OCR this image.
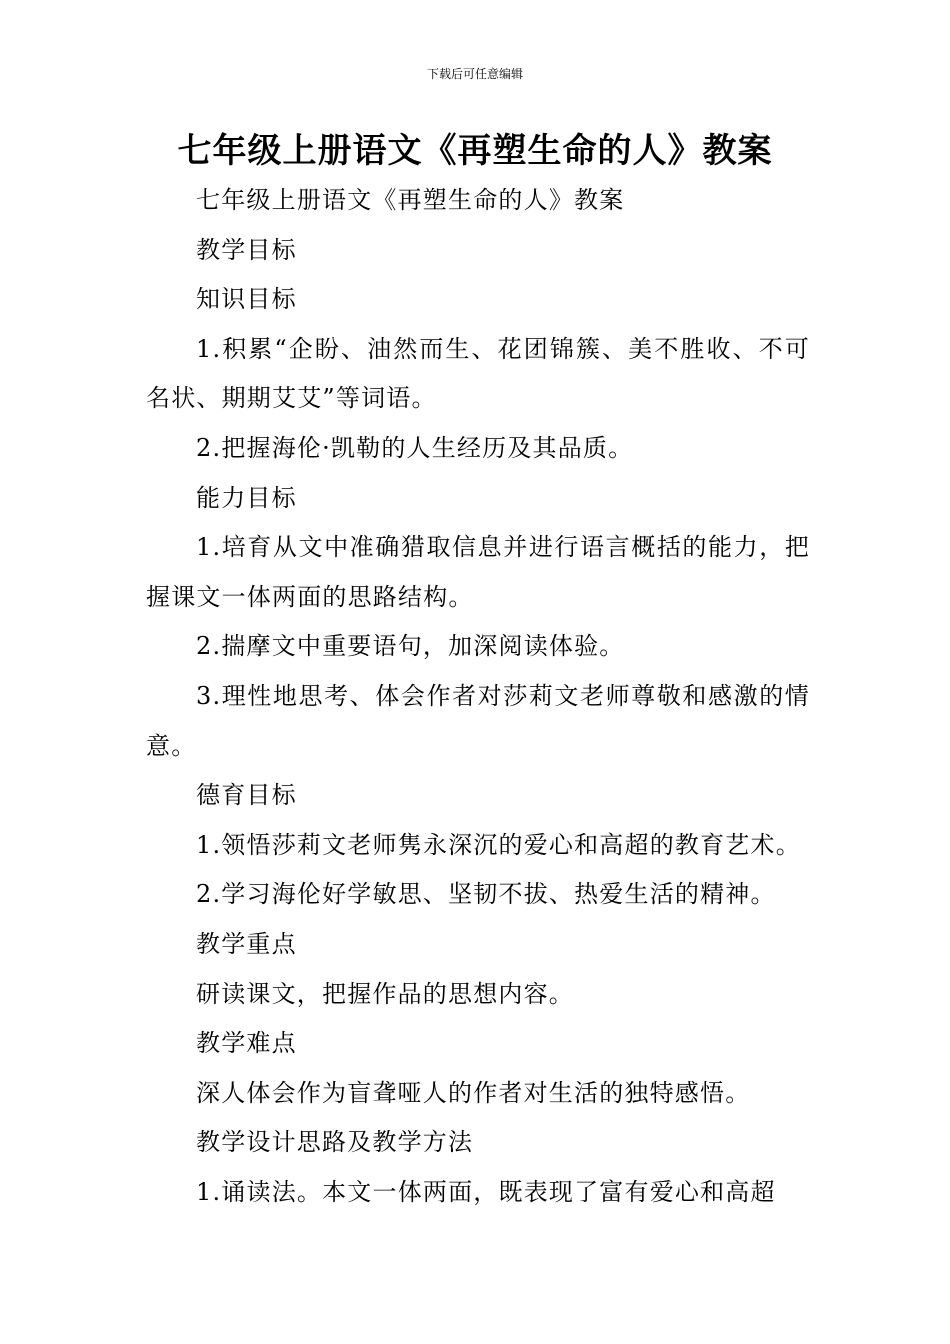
下载后可任意编辑
七年级上册语文《再塑生命的人》教案

七年级上册语文《再塑生命的人》教案

教学目标

知识目标

1.积累“企盼、油然而生、花团锦簇、美不胜收、不可名状、期期艾艾”等词语。

2.把握海伦·凯勒的人生经历及其品质。

能力目标

1.培育从文中准确猎取信息并进行语言概括的能力，把握课文一体两面的思路结构。

2.揣摩文中重要语句，加深阅读体验。

3.理性地思考、体会作者对莎莉文老师尊敬和感激的情意。

德育目标

1.领悟莎莉文老师隽永深沉的爱心和高超的教育艺术。

2.学习海伦好学敏思、坚韧不拔、热爱生活的精神。

教学重点

研读课文，把握作品的思想内容。

教学难点

深人体会作为盲聋哑人的作者对生活的独特感悟。

教学设计思路及教学方法

1.诵读法。本文一体两面，既表现了富有爱心和高超
